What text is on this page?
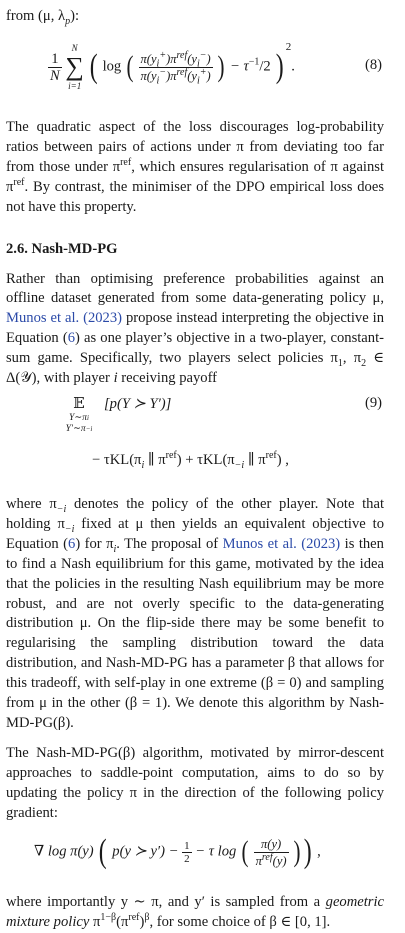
from (μ, $\lambda_p$):

$\frac{1}{N}$

N
∑
i=1
( log ( $\frac{\pi(y_i^+)\pi^{ref}(y_i^-)}{\pi(y_i^-)\pi^{ref}(y_i^+)}$ ) − $\tau^{-1}/2$ )$^2$.	(8)

The quadratic aspect of the loss discourages log-probability ratios between pairs of actions under π from deviating too far from those under $\pi^{ref}$, which ensures regularisation of π against $\pi^{ref}$. By contrast, the minimiser of the DPO empirical loss does not have this property.

2.6. Nash-MD-PG

Rather than optimising preference probabilities against an offline dataset generated from some data-generating policy μ, Munos et al. (2023) propose instead interpreting the objective in Equation (6) as one player’s objective in a two-player, constant-sum game. Specifically, two players select policies $\pi_1$, $\pi_2$ ∈ Δ(𝒴), with player i receiving payoff

𝔼
Y∼πi
Y′∼π−i
[p(Y ≻ Y′)]	(9)
− $\tau KL(\pi_i$ ∥ $\pi^{ref}) + \tau KL(\pi_{-i}$ ∥ $\pi^{ref}$) ,

where $\pi_{-i}$ denotes the policy of the other player. Note that holding $\pi_{-i}$ fixed at μ then yields an equivalent objective to Equation (6) for $\pi_i$. The proposal of Munos et al. (2023) is then to find a Nash equilibrium for this game, motivated by the idea that the policies in the resulting Nash equilibrium may be more robust, and are not overly specific to the data-generating distribution μ. On the flip-side there may be some benefit to regularising the sampling distribution toward the data distribution, and Nash-MD-PG has a parameter β that allows for this tradeoff, with self-play in one extreme (β = 0) and sampling from μ in the other (β = 1). We denote this algorithm by Nash-MD-PG(β).

The Nash-MD-PG(β) algorithm, motivated by mirror-descent approaches to saddle-point computation, aims to do so by updating the policy π in the direction of the following policy gradient:

∇ log π(y) ( p(y ≻ $y') - \frac{1}{2} - \tau$ log ( $\frac{\pi(y)}{\pi^{ref}(y)}$ )) ,

where importantly y ∼ π, and y′ is sampled from a geometric mixture policy $\pi^{1-\beta}(\pi^{ref})^\beta$, for some choice of β ∈ [0, 1].
